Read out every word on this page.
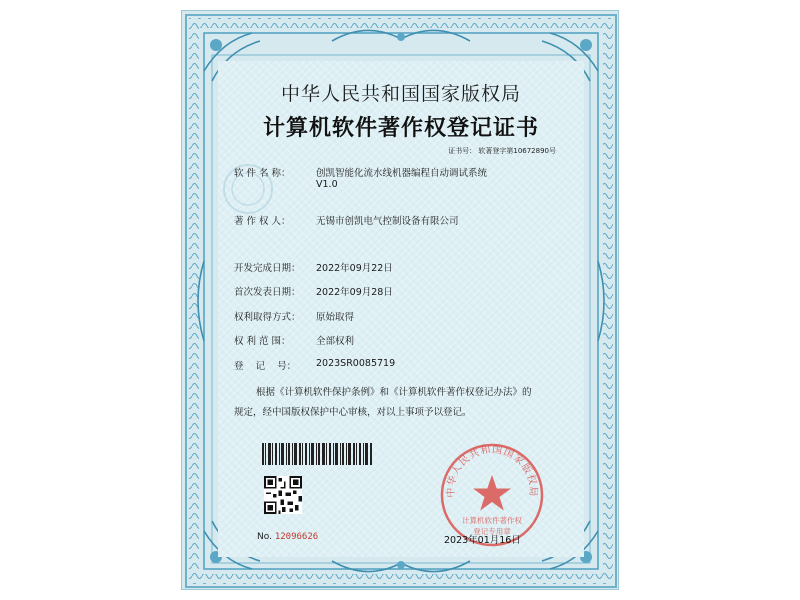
中华人民共和国国家版权局
计算机软件著作权登记证书
证书号： 软著登字第10672890号
软 件 名 称：	创凯智能化流水线机器编程自动调试系统
V1.0
著 作 权 人：	无锡市创凯电气控制设备有限公司
开发完成日期： 2022年09月22日
首次发表日期： 2022年09月28日
权利取得方式： 原始取得
权 利 范 围：	全部权利
登    记    号： 2023SR0085719
根据《计算机软件保护条例》和《计算机软件著作权登记办法》的
规定，经中国版权保护中心审核，对以上事项予以登记。
No. 12096626
中华人民共和国国家版权局
计算机软件著作权
登记专用章
2023年01月16日
